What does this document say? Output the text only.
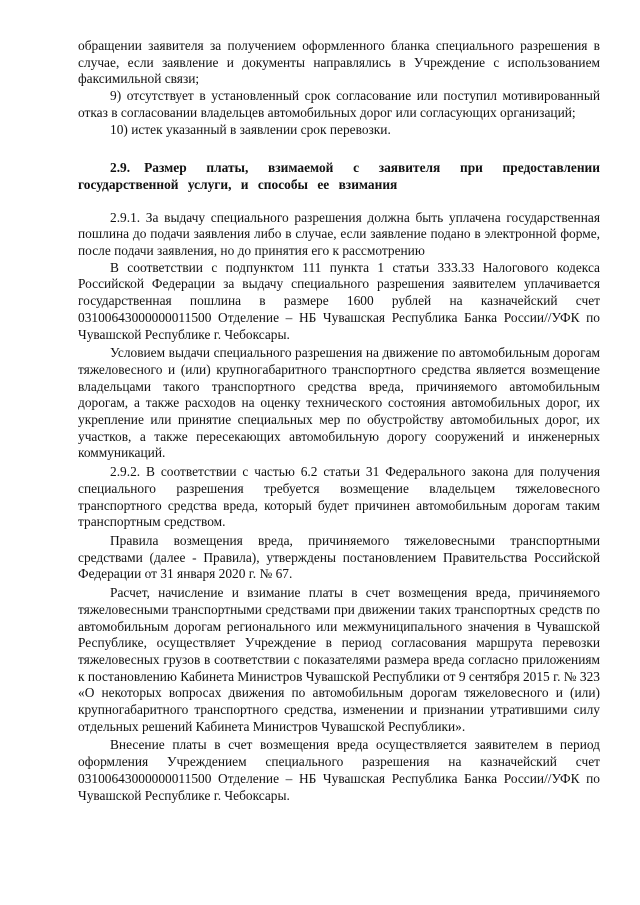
обращении заявителя за получением оформленного бланка специального разрешения в случае, если заявление и документы направлялись в Учреждение с использованием факсимильной связи;

9) отсутствует в установленный срок согласование или поступил мотивированный отказ в согласовании владельцев автомобильных дорог или согласующих организаций;

10) истек указанный в заявлении срок перевозки.

2.9. Размер платы, взимаемой с заявителя при предоставлении государственной услуги, и способы ее взимания

2.9.1. За выдачу специального разрешения должна быть уплачена государственная пошлина до подачи заявления либо в случае, если заявление подано в электронной форме, после подачи заявления, но до принятия его к рассмотрению

В соответствии с подпунктом 111 пункта 1 статьи 333.33 Налогового кодекса Российской Федерации за выдачу специального разрешения заявителем уплачивается государственная пошлина в размере 1600 рублей на казначейский счет 03100643000000011500 Отделение – НБ Чувашская Республика Банка России//УФК по Чувашской Республике г. Чебоксары.

Условием выдачи специального разрешения на движение по автомобильным дорогам тяжеловесного и (или) крупногабаритного транспортного средства является возмещение владельцами такого транспортного средства вреда, причиняемого автомобильным дорогам, а также расходов на оценку технического состояния автомобильных дорог, их укрепление или принятие специальных мер по обустройству автомобильных дорог, их участков, а также пересекающих автомобильную дорогу сооружений и инженерных коммуникаций.

2.9.2. В соответствии с частью 6.2 статьи 31 Федерального закона для получения специального разрешения требуется возмещение владельцем тяжеловесного транспортного средства вреда, который будет причинен автомобильным дорогам таким транспортным средством.

Правила возмещения вреда, причиняемого тяжеловесными транспортными средствами (далее - Правила), утверждены постановлением Правительства Российской Федерации от 31 января 2020 г. № 67.

Расчет, начисление и взимание платы в счет возмещения вреда, причиняемого тяжеловесными транспортными средствами при движении таких транспортных средств по автомобильным дорогам регионального или межмуниципального значения в Чувашской Республике, осуществляет Учреждение в период согласования маршрута перевозки тяжеловесных грузов в соответствии с показателями размера вреда согласно приложениям к постановлению Кабинета Министров Чувашской Республики от 9 сентября 2015 г. № 323 «О некоторых вопросах движения по автомобильным дорогам тяжеловесного и (или) крупногабаритного транспортного средства, изменении и признании утратившими силу отдельных решений Кабинета Министров Чувашской Республики».

Внесение платы в счет возмещения вреда осуществляется заявителем в период оформления Учреждением специального разрешения на казначейский счет 03100643000000011500 Отделение – НБ Чувашская Республика Банка России//УФК по Чувашской Республике г. Чебоксары.
